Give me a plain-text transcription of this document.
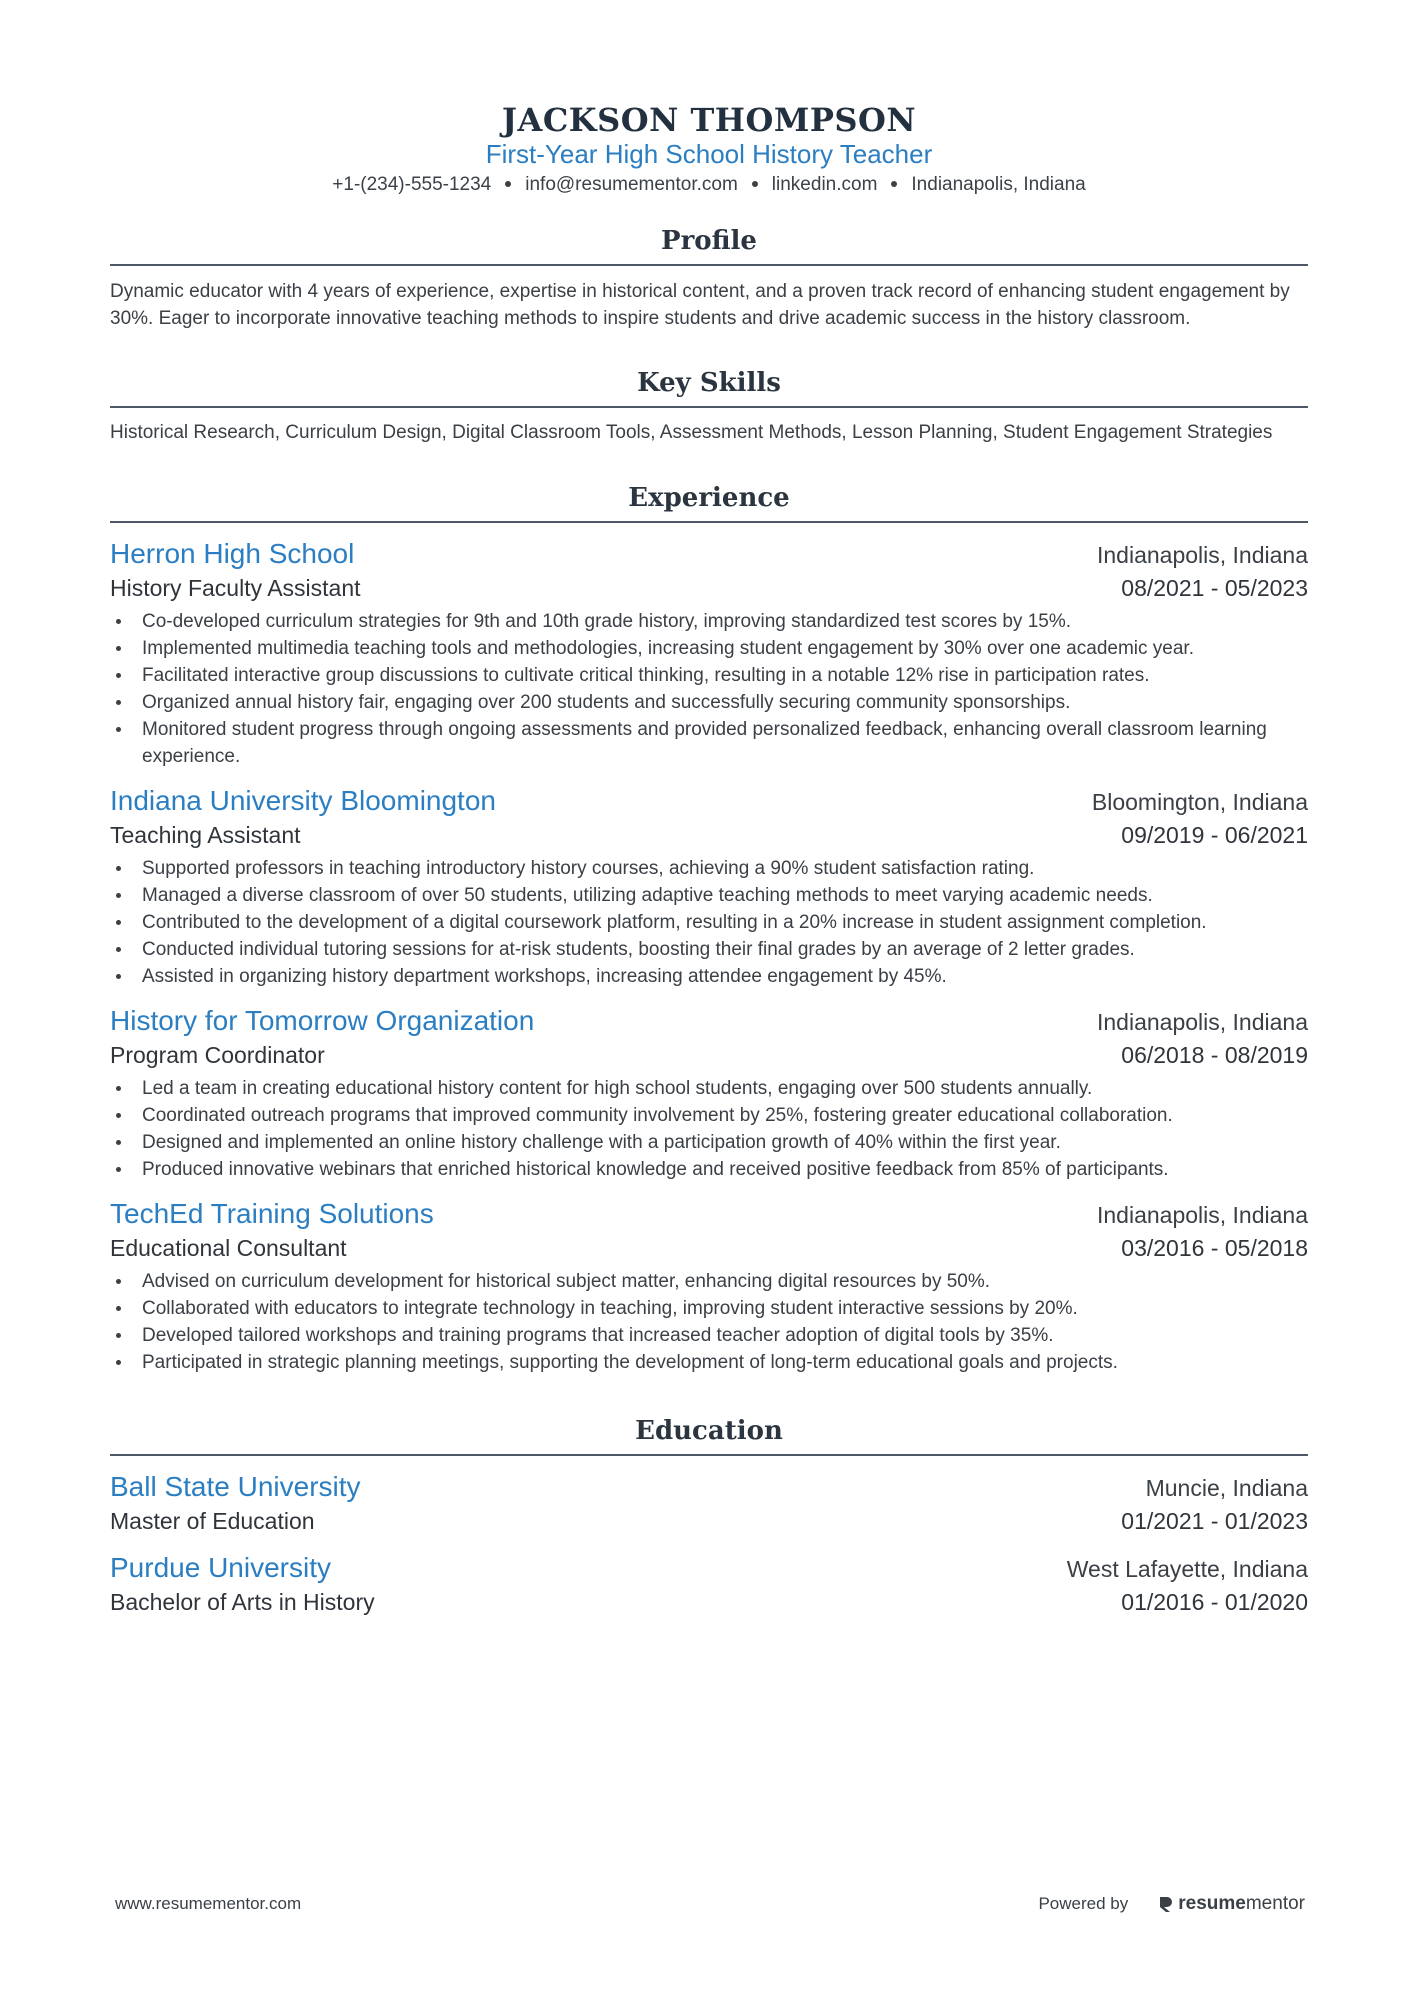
JACKSON THOMPSON
First-Year High School History Teacher
+1-(234)-555-1234 info@resumementor.com linkedin.com Indianapolis, Indiana
Profile
Dynamic educator with 4 years of experience, expertise in historical content, and a proven track record of enhancing student engagement by 30%. Eager to incorporate innovative teaching methods to inspire students and drive academic success in the history classroom.
Key Skills
Historical Research, Curriculum Design, Digital Classroom Tools, Assessment Methods, Lesson Planning, Student Engagement Strategies
Experience
Herron High School	Indianapolis, Indiana
History Faculty Assistant	08/2021 - 05/2023
Co-developed curriculum strategies for 9th and 10th grade history, improving standardized test scores by 15%.
Implemented multimedia teaching tools and methodologies, increasing student engagement by 30% over one academic year.
Facilitated interactive group discussions to cultivate critical thinking, resulting in a notable 12% rise in participation rates.
Organized annual history fair, engaging over 200 students and successfully securing community sponsorships.
Monitored student progress through ongoing assessments and provided personalized feedback, enhancing overall classroom learning experience.
Indiana University Bloomington	Bloomington, Indiana
Teaching Assistant	09/2019 - 06/2021
Supported professors in teaching introductory history courses, achieving a 90% student satisfaction rating.
Managed a diverse classroom of over 50 students, utilizing adaptive teaching methods to meet varying academic needs.
Contributed to the development of a digital coursework platform, resulting in a 20% increase in student assignment completion.
Conducted individual tutoring sessions for at-risk students, boosting their final grades by an average of 2 letter grades.
Assisted in organizing history department workshops, increasing attendee engagement by 45%.
History for Tomorrow Organization	Indianapolis, Indiana
Program Coordinator	06/2018 - 08/2019
Led a team in creating educational history content for high school students, engaging over 500 students annually.
Coordinated outreach programs that improved community involvement by 25%, fostering greater educational collaboration.
Designed and implemented an online history challenge with a participation growth of 40% within the first year.
Produced innovative webinars that enriched historical knowledge and received positive feedback from 85% of participants.
TechEd Training Solutions	Indianapolis, Indiana
Educational Consultant	03/2016 - 05/2018
Advised on curriculum development for historical subject matter, enhancing digital resources by 50%.
Collaborated with educators to integrate technology in teaching, improving student interactive sessions by 20%.
Developed tailored workshops and training programs that increased teacher adoption of digital tools by 35%.
Participated in strategic planning meetings, supporting the development of long-term educational goals and projects.
Education
Ball State University	Muncie, Indiana
Master of Education	01/2021 - 01/2023
Purdue University	West Lafayette, Indiana
Bachelor of Arts in History	01/2016 - 01/2020
www.resumementor.com	Powered by	resume mentor
